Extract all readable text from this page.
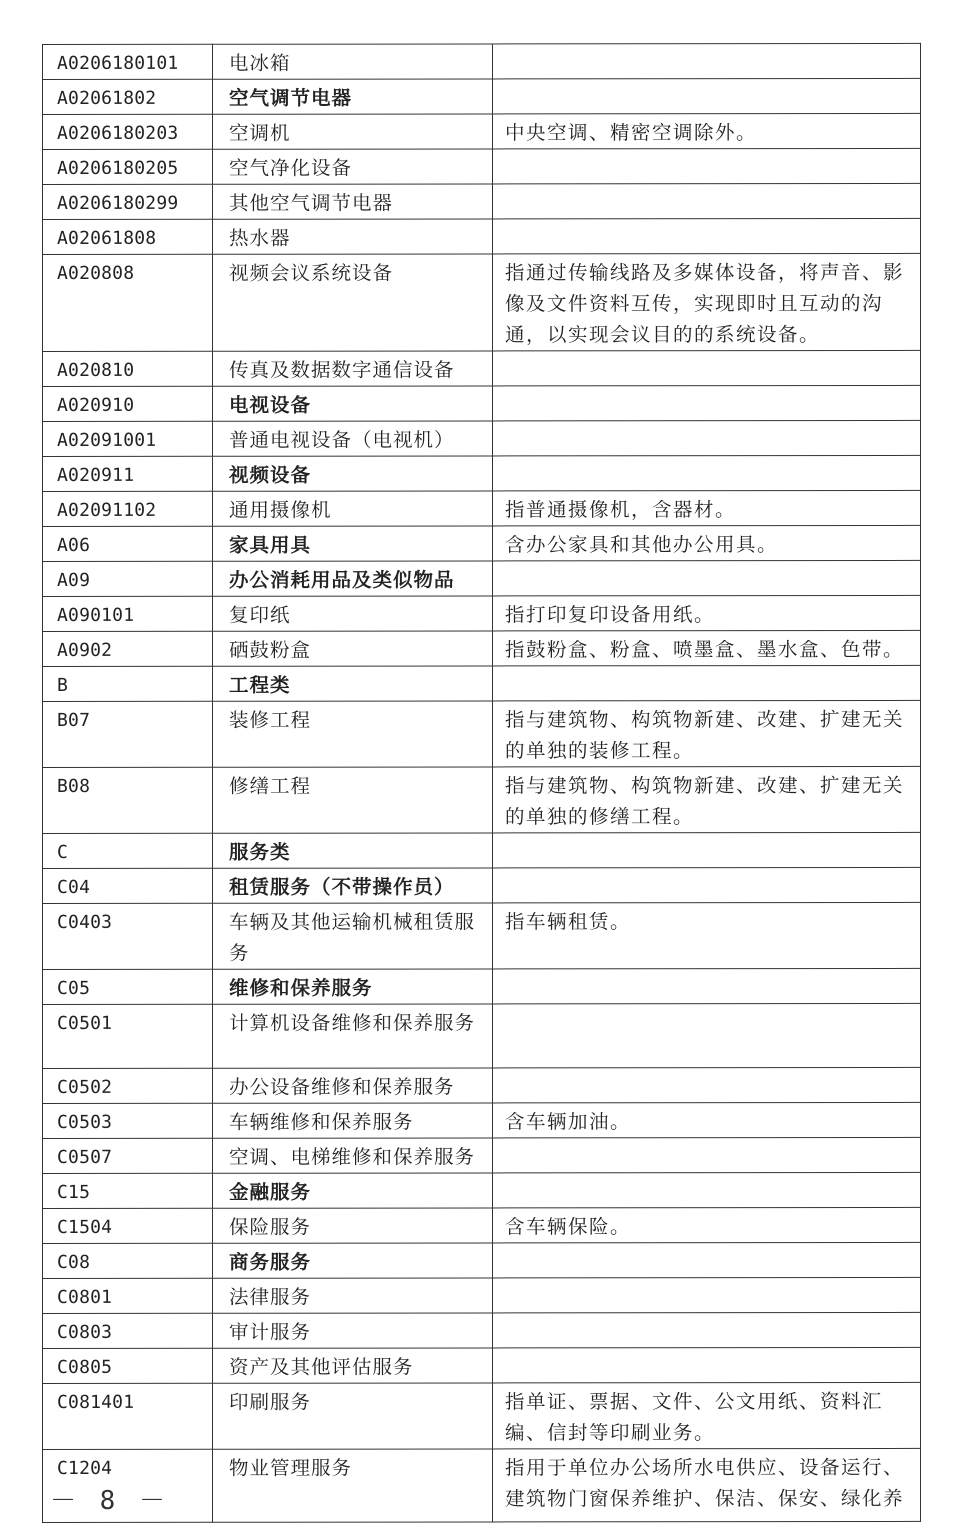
A0206180101	电冰箱	
A02061802	空气调节电器	
A0206180203	空调机	中央空调、精密空调除外。
A0206180205	空气净化设备	
A0206180299	其他空气调节电器	
A02061808	热水器	
A020808	视频会议系统设备	指通过传输线路及多媒体设备，将声音、影像及文件资料互传，实现即时且互动的沟通，以实现会议目的的系统设备。
A020810	传真及数据数字通信设备	
A020910	电视设备	
A02091001	普通电视设备（电视机）	
A020911	视频设备	
A02091102	通用摄像机	指普通摄像机，含器材。
A06	家具用具	含办公家具和其他办公用具。
A09	办公消耗用品及类似物品	
A090101	复印纸	指打印复印设备用纸。
A0902	硒鼓粉盒	指鼓粉盒、粉盒、喷墨盒、墨水盒、色带。
B	工程类	
B07	装修工程	指与建筑物、构筑物新建、改建、扩建无关的单独的装修工程。
B08	修缮工程	指与建筑物、构筑物新建、改建、扩建无关的单独的修缮工程。
C	服务类	
C04	租赁服务（不带操作员）	
C0403	车辆及其他运输机械租赁服务	指车辆租赁。
C05	维修和保养服务	
C0501	计算机设备维修和保养服务	
C0502	办公设备维修和保养服务	
C0503	车辆维修和保养服务	含车辆加油。
C0507	空调、电梯维修和保养服务	
C15	金融服务	
C1504	保险服务	含车辆保险。
C08	商务服务	
C0801	法律服务	
C0803	审计服务	
C0805	资产及其他评估服务	
C081401	印刷服务	指单证、票据、文件、公文用纸、资料汇编、信封等印刷业务。
C1204	物业管理服务	指用于单位办公场所水电供应、设备运行、建筑物门窗保养维护、保洁、保安、绿化养
－ 8 －
